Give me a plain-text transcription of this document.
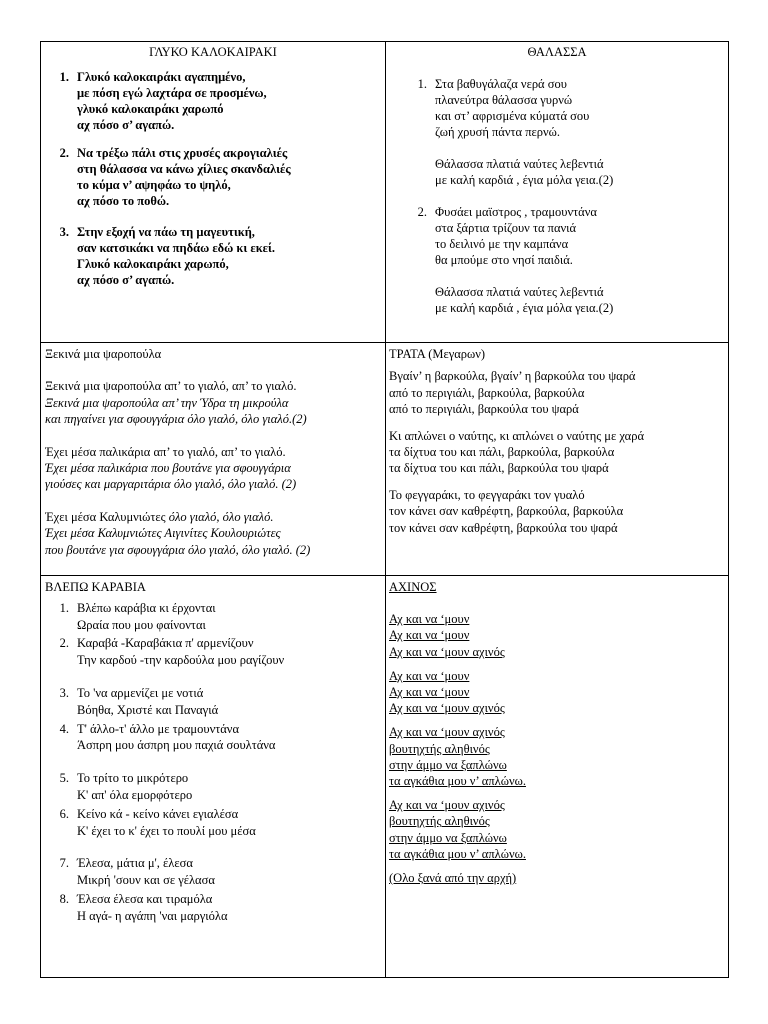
ΓΛΥΚΟ ΚΑΛΟΚΑΙΡΑΚΙ
1. Γλυκό καλοκαιράκι αγαπημένο,
με πόση εγώ λαχτάρα σε προσμένω,
γλυκό καλοκαιράκι χαρωπό
αχ πόσο σ’ αγαπώ.
2. Να τρέξω πάλι στις χρυσές ακρογιαλιές
στη θάλασσα να κάνω χίλιες σκανδαλιές
το κύμα ν’ αψηφάω το ψηλό,
αχ πόσο το ποθώ.
3. Στην εξοχή να πάω τη μαγευτική,
σαν κατσικάκι να πηδάω εδώ κι εκεί.
Γλυκό καλοκαιράκι χαρωπό,
αχ πόσο σ’ αγαπώ.
ΘΑΛΑΣΣΑ
1. Στα βαθυγάλαζα νερά σου
πλανεύτρα θάλασσα γυρνώ
και στ’ αφρισμένα κύματά σου
ζωή χρυσή πάντα περνώ.
Θάλασσα πλατιά ναύτες λεβεντιά
με καλή καρδιά , έγια μόλα γεια.(2)
2. Φυσάει μαϊστρος , τραμουντάνα
στα ξάρτια τρίζουν τα πανιά
το δειλινό με την καμπάνα
θα μπούμε στο νησί παιδιά.
Θάλασσα πλατιά ναύτες λεβεντιά
με καλή καρδιά , έγια μόλα γεια.(2)
Ξεκινά μια ψαροπούλα
Ξεκινά μια ψαροπούλα απ’ το γιαλό, απ’ το γιαλό.
Ξεκινά μια ψαροπούλα απ’ την Ύδρα τη μικρούλα
και πηγαίνει για σφουγγάρια όλο γιαλό, όλο γιαλό.(2)
Έχει μέσα παλικάρια απ’ το γιαλό, απ’ το γιαλό.
Έχει μέσα παλικάρια που βουτάνε για σφουγγάρια
γιούσες και μαργαριτάρια όλο γιαλό, όλο γιαλό. (2)
Έχει μέσα Καλυμνιώτες όλο γιαλό, όλο γιαλό.
Έχει μέσα Καλυμνιώτες Αιγινίτες Κουλουριώτες
που βουτάνε για σφουγγάρια όλο γιαλό, όλο γιαλό. (2)
ΤΡΑΤΑ (Μεγαρων)
Βγαίν’ η βαρκούλα, βγαίν’ η βαρκούλα του ψαρά
από το περιγιάλι, βαρκούλα, βαρκούλα
από το περιγιάλι, βαρκούλα του ψαρά
Κι απλώνει ο ναύτης, κι απλώνει ο ναύτης με χαρά
τα δίχτυα του και πάλι, βαρκούλα, βαρκούλα
τα δίχτυα του και πάλι, βαρκούλα του ψαρά
Το φεγγαράκι, το φεγγαράκι τον γυαλό
τον κάνει σαν καθρέφτη, βαρκούλα, βαρκούλα
τον κάνει σαν καθρέφτη, βαρκούλα του ψαρά
ΒΛΕΠΩ ΚΑΡΑΒΙΑ
1. Βλέπω καράβια κι έρχονται
Ωραία που μου φαίνονται
2. Καραβά -Καραβάκια π' αρμενίζουν
Την καρδού -την καρδούλα μου ραγίζουν
3. Το 'να αρμενίζει με νοτιά
Βόηθα, Χριστέ και Παναγιά
4. Τ' άλλο-τ' άλλο με τραμουντάνα
Άσπρη μου άσπρη μου παχιά σουλτάνα
5. Το τρίτο το μικρότερο
Κ' απ' όλα εμορφότερο
6. Κείνο κά - κείνο κάνει εγιαλέσα
Κ' έχει το κ' έχει το πουλί μου μέσα
7. Έλεσα, μάτια μ', έλεσα
Μικρή 'σουν και σε γέλασα
8. Έλεσα έλεσα και τιραμόλα
Η αγά- η αγάπη 'ναι μαργιόλα
ΑΧΙΝΟΣ
Αχ και να ‘μουν
Αχ και να ‘μουν
Αχ και να ‘μουν αχινός
Αχ και να ‘μουν
Αχ και να ‘μουν
Αχ και να ‘μουν αχινός
Αχ και να ‘μουν αχινός
βουτηχτής αληθινός
στην άμμο να ξαπλώνω
τα αγκάθια μου ν’ απλώνω.
Αχ και να ‘μουν αχινός
βουτηχτής αληθινός
στην άμμο να ξαπλώνω
τα αγκάθια μου ν’ απλώνω.
(Ολο ξανά από την αρχή)
